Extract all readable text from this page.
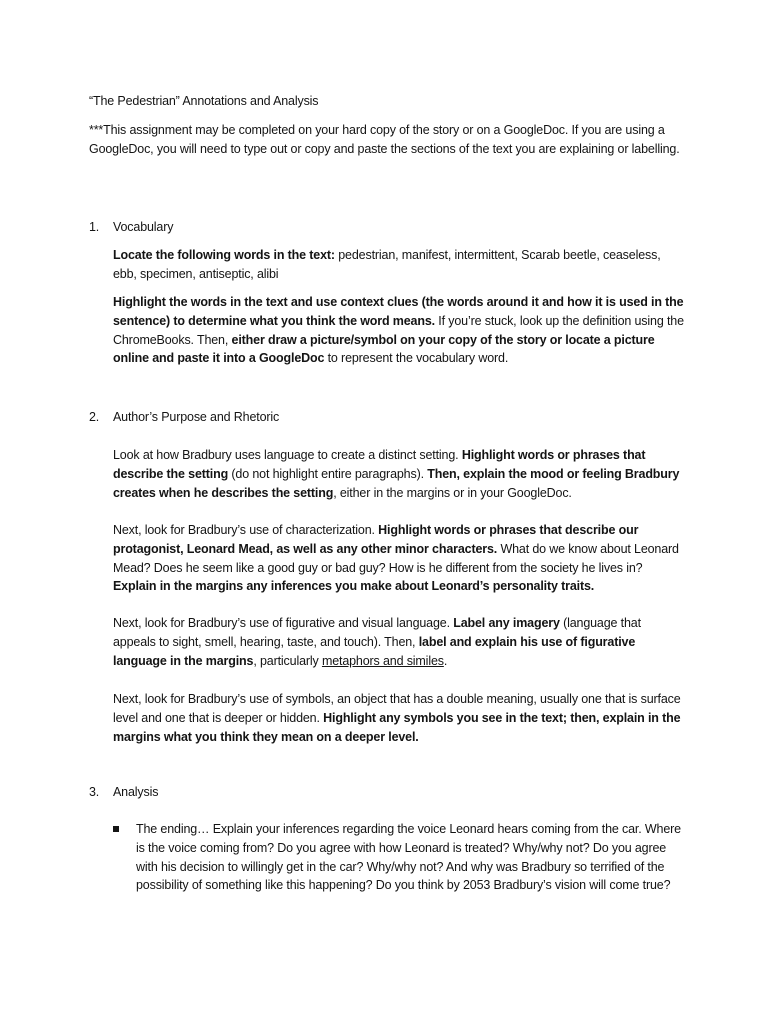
“The Pedestrian” Annotations and Analysis
***This assignment may be completed on your hard copy of the story or on a GoogleDoc. If you are using a GoogleDoc, you will need to type out or copy and paste the sections of the text you are explaining or labelling.
1. Vocabulary
Locate the following words in the text: pedestrian, manifest, intermittent, Scarab beetle, ceaseless, ebb, specimen, antiseptic, alibi
Highlight the words in the text and use context clues (the words around it and how it is used in the sentence) to determine what you think the word means. If you’re stuck, look up the definition using the ChromeBooks. Then, either draw a picture/symbol on your copy of the story or locate a picture online and paste it into a GoogleDoc to represent the vocabulary word.
2. Author’s Purpose and Rhetoric
Look at how Bradbury uses language to create a distinct setting. Highlight words or phrases that describe the setting (do not highlight entire paragraphs). Then, explain the mood or feeling Bradbury creates when he describes the setting, either in the margins or in your GoogleDoc.
Next, look for Bradbury’s use of characterization. Highlight words or phrases that describe our protagonist, Leonard Mead, as well as any other minor characters. What do we know about Leonard Mead? Does he seem like a good guy or bad guy? How is he different from the society he lives in? Explain in the margins any inferences you make about Leonard’s personality traits.
Next, look for Bradbury’s use of figurative and visual language. Label any imagery (language that appeals to sight, smell, hearing, taste, and touch). Then, label and explain his use of figurative language in the margins, particularly metaphors and similes.
Next, look for Bradbury’s use of symbols, an object that has a double meaning, usually one that is surface level and one that is deeper or hidden. Highlight any symbols you see in the text; then, explain in the margins what you think they mean on a deeper level.
3. Analysis
The ending… Explain your inferences regarding the voice Leonard hears coming from the car. Where is the voice coming from? Do you agree with how Leonard is treated? Why/why not? Do you agree with his decision to willingly get in the car? Why/why not? And why was Bradbury so terrified of the possibility of something like this happening? Do you think by 2053 Bradbury’s vision will come true?
